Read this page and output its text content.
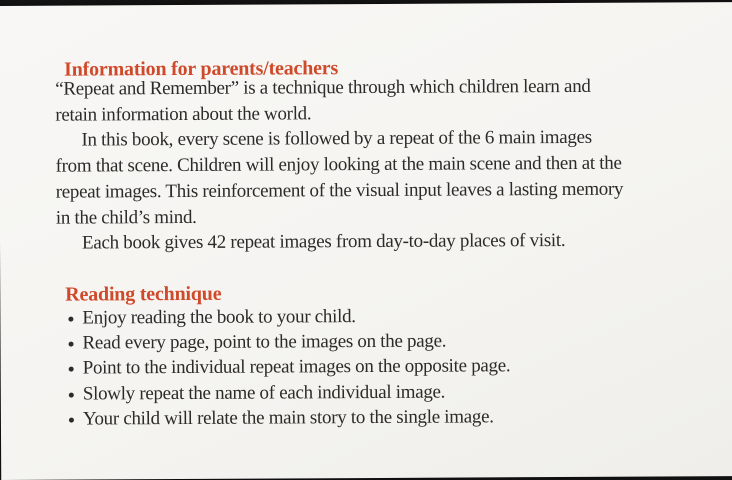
Information for parents/teachers

“Repeat and Remember” is a technique through which children learn and
retain information about the world.
In this book, every scene is followed by a repeat of the 6 main images
from that scene. Children will enjoy looking at the main scene and then at the
repeat images. This reinforcement of the visual input leaves a lasting memory
in the child’s mind.
Each book gives 42 repeat images from day-to-day places of visit.

Reading technique

Enjoy reading the book to your child.
Read every page, point to the images on the page.
Point to the individual repeat images on the opposite page.
Slowly repeat the name of each individual image.
Your child will relate the main story to the single image.
